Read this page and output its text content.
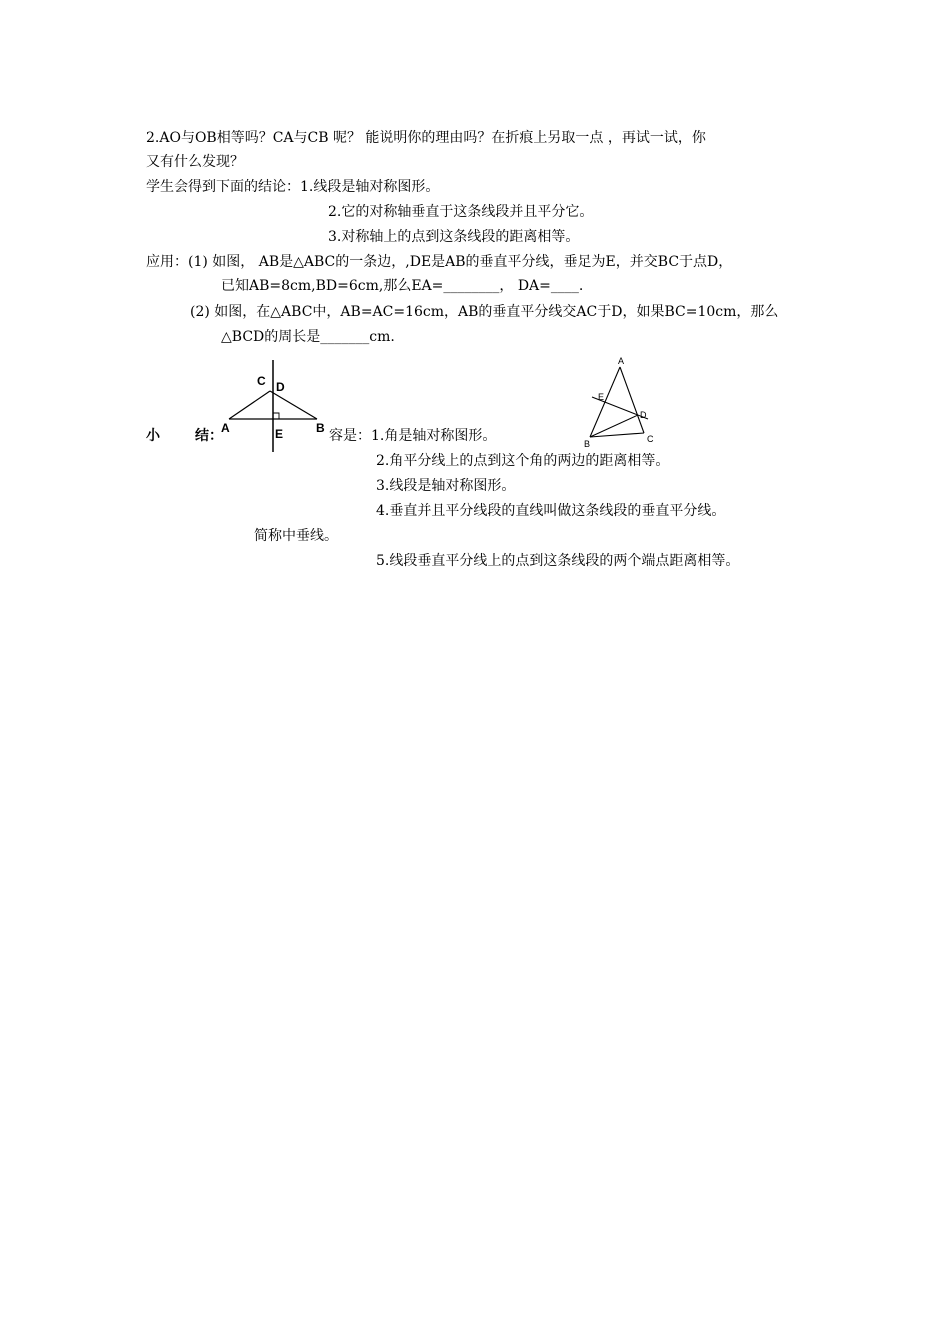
2.AO与OB相等吗？CA与CB 呢？ 能说明你的理由吗？在折痕上另取一点 ，再试一试，你
又有什么发现？
学生会得到下面的结论：1.线段是轴对称图形。
2.它的对称轴垂直于这条线段并且平分它。
3.对称轴上的点到这条线段的距离相等。
应用：(1) 如图， AB是△ABC的一条边，,DE是AB的垂直平分线，垂足为E，并交BC于点D，
已知AB=8cm,BD=6cm,那么EA=________， DA=____.
(2) 如图，在△ABC中，AB=AC=16cm，AB的垂直平分线交AC于D，如果BC=10cm，那么
△BCD的周长是_______cm.
C D
A	E	B
A
E
D
B	C
小	结：	容是：1.角是轴对称图形。
2.角平分线上的点到这个角的两边的距离相等。
3.线段是轴对称图形。
4.垂直并且平分线段的直线叫做这条线段的垂直平分线。
简称中垂线。
5.线段垂直平分线上的点到这条线段的两个端点距离相等。
